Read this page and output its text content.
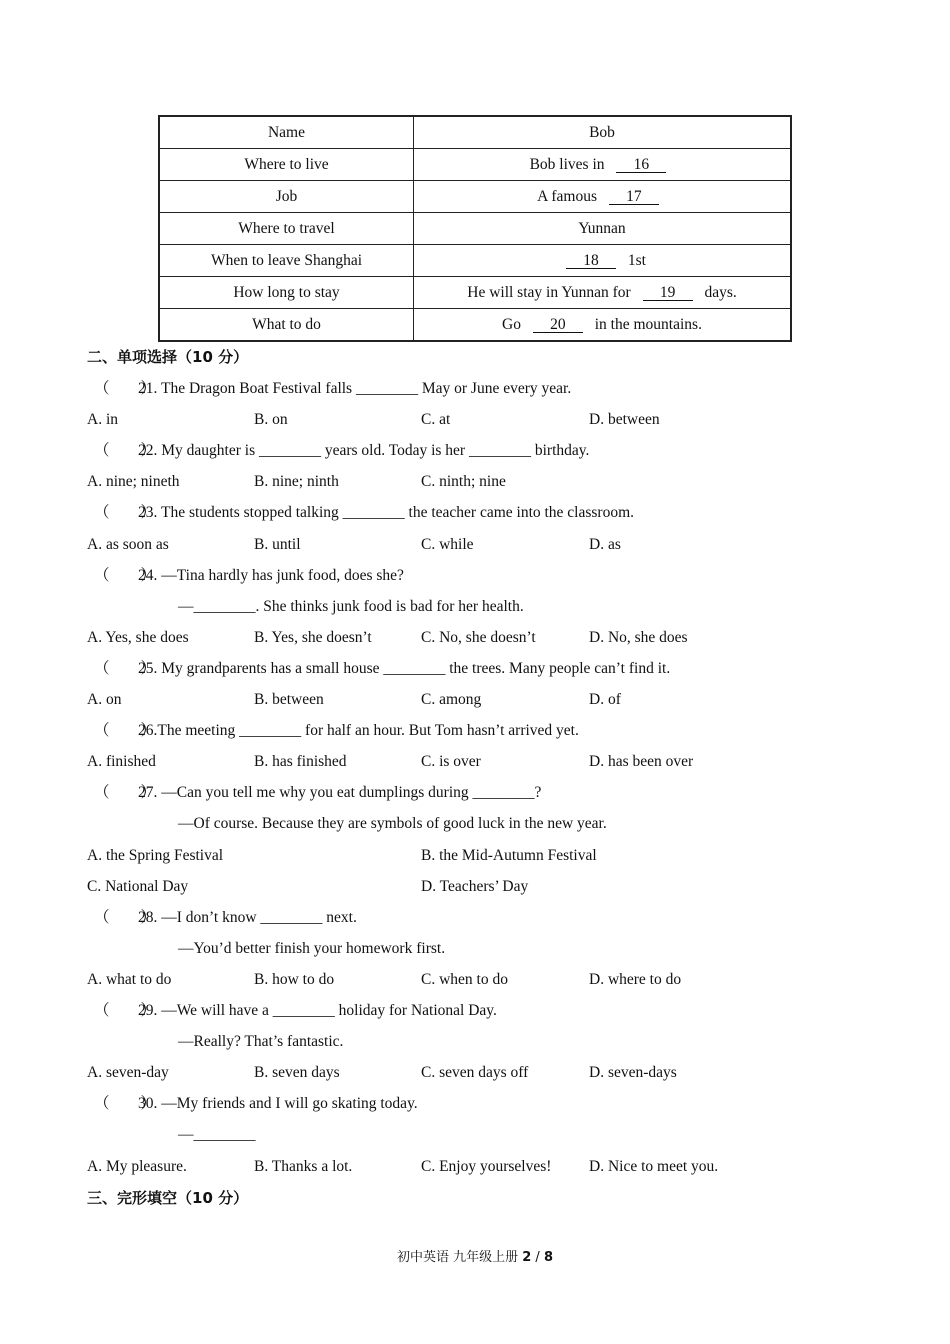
Name	Bob
Where to live	Bob lives in 16
Job	A famous 17
Where to travel	Yunnan
When to leave Shanghai	18 1st
How long to stay	He will stay in Yunnan for 19 days.
What to do	Go 20 in the mountains.
二、单项选择（10 分）
（　　）21. The Dragon Boat Festival falls ________ May or June every year.
A. in	B. on	C. at	D. between
（　　）22. My daughter is ________ years old. Today is her ________ birthday.
A. nine; nineth	B. nine; ninth	C. ninth; nine
（　　）23. The students stopped talking ________ the teacher came into the classroom.
A. as soon as	B. until	C. while	D. as
（　　）24. —Tina hardly has junk food, does she?
—________. She thinks junk food is bad for her health.
A. Yes, she does	B. Yes, she doesn’t	C. No, she doesn’t	D. No, she does
（　　）25. My grandparents has a small house ________ the trees. Many people can’t find it.
A. on	B. between	C. among	D. of
（　　）26.The meeting ________ for half an hour. But Tom hasn’t arrived yet.
A. finished	B. has finished	C. is over	D. has been over
（　　）27. —Can you tell me why you eat dumplings during ________?
—Of course. Because they are symbols of good luck in the new year.
A. the Spring Festival	B. the Mid-Autumn Festival
C. National Day	D. Teachers’ Day
（　　）28. —I don’t know ________ next.
—You’d better finish your homework first.
A. what to do	B. how to do	C. when to do	D. where to do
（　　）29. —We will have a ________ holiday for National Day.
—Really? That’s fantastic.
A. seven-day	B. seven days	C. seven days off	D. seven-days
（　　）30. —My friends and I will go skating today.
—________
A. My pleasure.	B. Thanks a lot.	C. Enjoy yourselves! D. Nice to meet you.
三、完形填空（10 分）
初中英语 九年级上册 2 / 8
